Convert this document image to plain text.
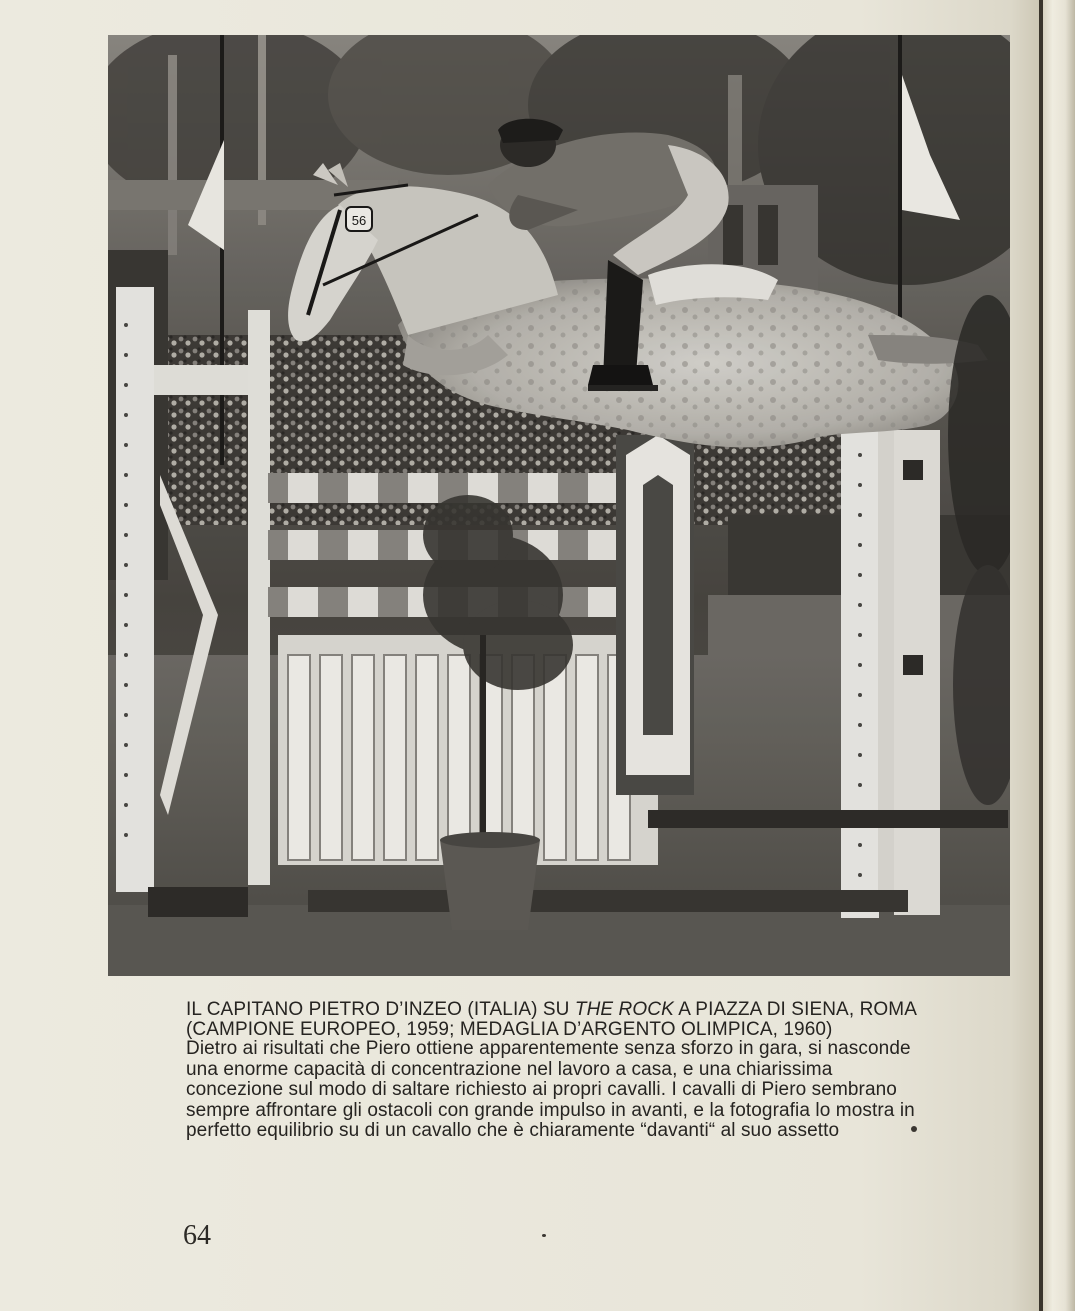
56

IL CAPITANO PIETRO D’INZEO (ITALIA) SU THE ROCK A PIAZZA DI SIENA, ROMA (CAMPIONE EUROPEO, 1959; MEDAGLIA D’ARGENTO OLIMPICA, 1960)

Dietro ai risultati che Piero ottiene apparentemente senza sforzo in gara, si nasconde una enorme capacità di concentrazione nel lavoro a casa, e una chiarissima concezione sul modo di saltare richiesto ai propri cavalli. I cavalli di Piero sembrano sempre affrontare gli ostacoli con grande impulso in avanti, e la fotografia lo mostra in perfetto equilibrio su di un cavallo che è chiaramente “davanti“ al suo assetto

64
